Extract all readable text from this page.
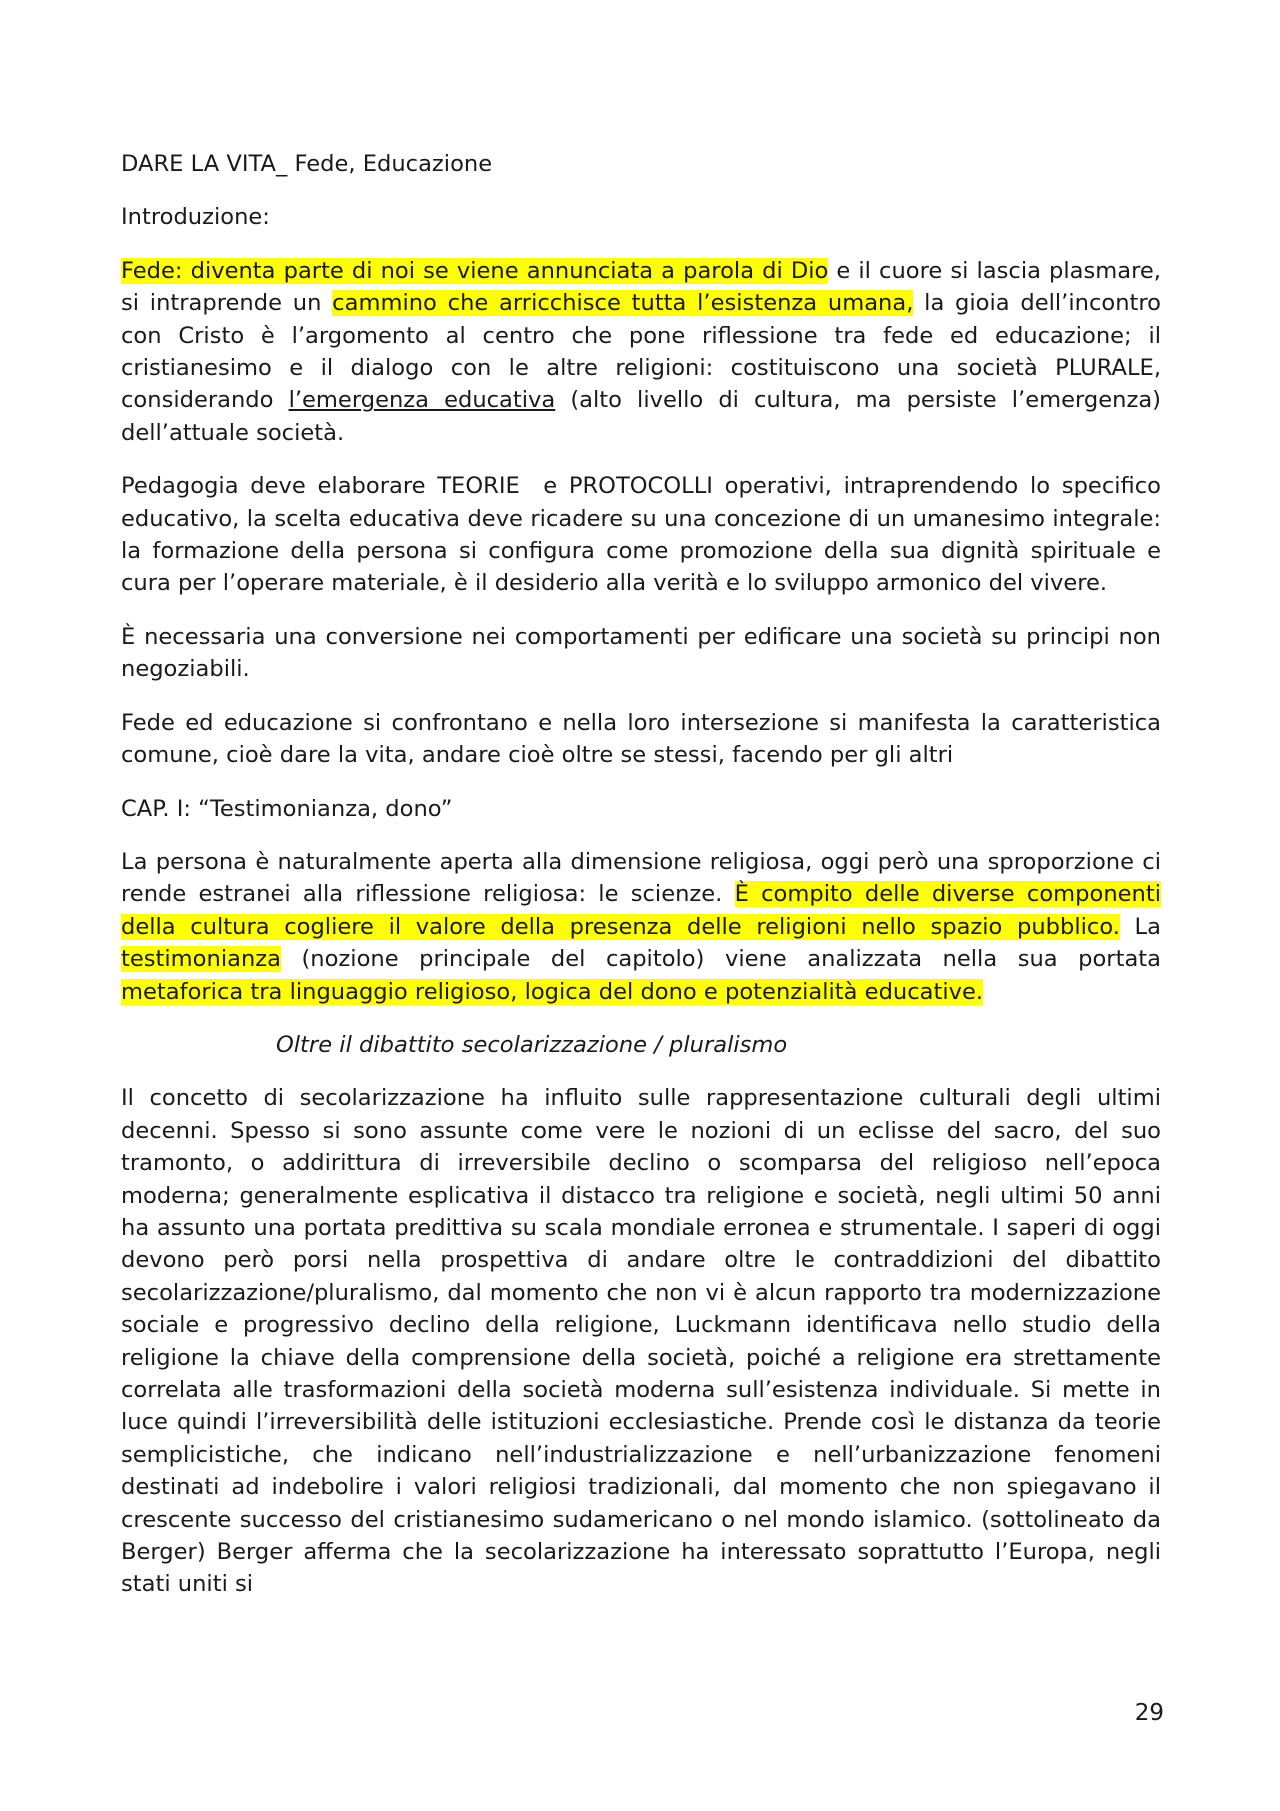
DARE LA VITA_ Fede, Educazione

Introduzione:

Fede: diventa parte di noi se viene annunciata a parola di Dio e il cuore si lascia plasmare, si intraprende un cammino che arricchisce tutta l’esistenza umana, la gioia dell’incontro con Cristo è l’argomento al centro che pone riflessione tra fede ed educazione; il cristianesimo e il dialogo con le altre religioni: costituiscono una società PLURALE, considerando l’emergenza educativa (alto livello di cultura, ma persiste l’emergenza) dell’attuale società.

Pedagogia deve elaborare TEORIE  e PROTOCOLLI operativi, intraprendendo lo specifico educativo, la scelta educativa deve ricadere su una concezione di un umanesimo integrale: la formazione della persona si configura come promozione della sua dignità spirituale e cura per l’operare materiale, è il desiderio alla verità e lo sviluppo armonico del vivere.

È necessaria una conversione nei comportamenti per edificare una società su principi non negoziabili.

Fede ed educazione si confrontano e nella loro intersezione si manifesta la caratteristica comune, cioè dare la vita, andare cioè oltre se stessi, facendo per gli altri

CAP. I: “Testimonianza, dono”

La persona è naturalmente aperta alla dimensione religiosa, oggi però una sproporzione ci rende estranei alla riflessione religiosa: le scienze. È compito delle diverse componenti della cultura cogliere il valore della presenza delle religioni nello spazio pubblico. La testimonianza (nozione principale del capitolo) viene analizzata nella sua portata metaforica tra linguaggio religioso, logica del dono e potenzialità educative.

Oltre il dibattito secolarizzazione / pluralismo

Il concetto di secolarizzazione ha influito sulle rappresentazione culturali degli ultimi decenni. Spesso si sono assunte come vere le nozioni di un eclisse del sacro, del suo tramonto, o addirittura di irreversibile declino o scomparsa del religioso nell’epoca moderna; generalmente esplicativa il distacco tra religione e società, negli ultimi 50 anni ha assunto una portata predittiva su scala mondiale erronea e strumentale. I saperi di oggi devono però porsi nella prospettiva di andare oltre le contraddizioni del dibattito secolarizzazione/pluralismo, dal momento che non vi è alcun rapporto tra modernizzazione sociale e progressivo declino della religione, Luckmann identificava nello studio della religione la chiave della comprensione della società, poiché a religione era strettamente correlata alle trasformazioni della società moderna sull’esistenza individuale. Si mette in luce quindi l’irreversibilità delle istituzioni ecclesiastiche. Prende così le distanza da teorie semplicistiche, che indicano nell’industrializzazione e nell’urbanizzazione fenomeni destinati ad indebolire i valori religiosi tradizionali, dal momento che non spiegavano il crescente successo del cristianesimo sudamericano o nel mondo islamico. (sottolineato da Berger) Berger afferma che la secolarizzazione ha interessato soprattutto l’Europa, negli stati uniti si

29
